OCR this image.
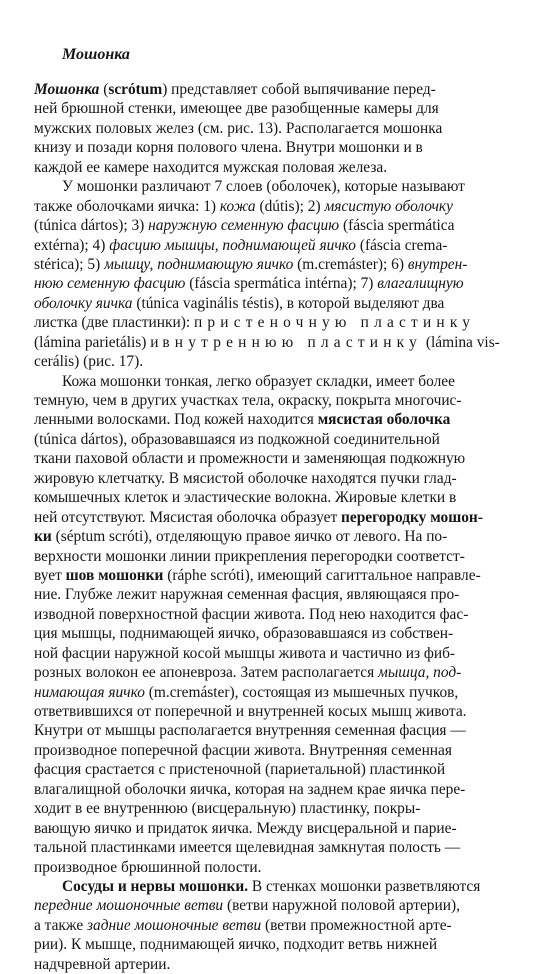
Мошонка
Мошонка (scrótum) представляет собой выпячивание перед-
ней брюшной стенки, имеющее две разобщенные камеры для
мужских половых желез (см. рис. 13). Располагается мошонка
книзу и позади корня полового члена. Внутри мошонки и в
каждой ее камере находится мужская половая железа.
У мошонки различают 7 слоев (оболочек), которые называют
также оболочками яичка: 1) кожа (dútis); 2) мясистую оболочку
(túnica dártos); 3) наружную семенную фасцию (fáscia spermática
extérna); 4) фасцию мышцы, поднимающей яичко (fáscia crema-
stérica); 5) мышцу, поднимающую яичко (m.cremáster); 6) внутрен-
нюю семенную фасцию (fáscia spermática intérna); 7) влагалищную
оболочку яичка (túnica vaginális téstis), в которой выделяют два
листка (две пластинки): пристеночную пластинку
(lámina parietális) и внутреннюю пластинку (lámina vis-
cerális) (рис. 17).
Кожа мошонки тонкая, легко образует складки, имеет более
темную, чем в других участках тела, окраску, покрыта многочис-
ленными волосками. Под кожей находится мясистая оболочка
(túnica dártos), образовавшаяся из подкожной соединительной
ткани паховой области и промежности и заменяющая подкожную
жировую клетчатку. В мясистой оболочке находятся пучки глад-
комышечных клеток и эластические волокна. Жировые клетки в
ней отсутствуют. Мясистая оболочка образует перегородку мошон-
ки (séptum scróti), отделяющую правое яичко от левого. На по-
верхности мошонки линии прикрепления перегородки соответст-
вует шов мошонки (ráphe scróti), имеющий сагиттальное направле-
ние. Глубже лежит наружная семенная фасция, являющаяся про-
изводной поверхностной фасции живота. Под нею находится фас-
ция мышцы, поднимающей яичко, образовавшаяся из собствен-
ной фасции наружной косой мышцы живота и частично из фиб-
розных волокон ее апоневроза. Затем располагается мышца, под-
нимающая яичко (m.cremáster), состоящая из мышечных пучков,
ответвившихся от поперечной и внутренней косых мышц живота.
Кнутри от мышцы располагается внутренняя семенная фасция —
производное поперечной фасции живота. Внутренняя семенная
фасция срастается с пристеночной (париетальной) пластинкой
влагалищной оболочки яичка, которая на заднем крае яичка пере-
ходит в ее внутреннюю (висцеральную) пластинку, покры-
вающую яичко и придаток яичка. Между висцеральной и парие-
тальной пластинками имеется щелевидная замкнутая полость —
производное брюшинной полости.
Сосуды и нервы мошонки. В стенках мошонки разветвляются
передние мошоночные ветви (ветви наружной половой артерии),
а также задние мошоночные ветви (ветви промежностной арте-
рии). К мышце, поднимающей яичко, подходит ветвь нижней
надчревной артерии.
